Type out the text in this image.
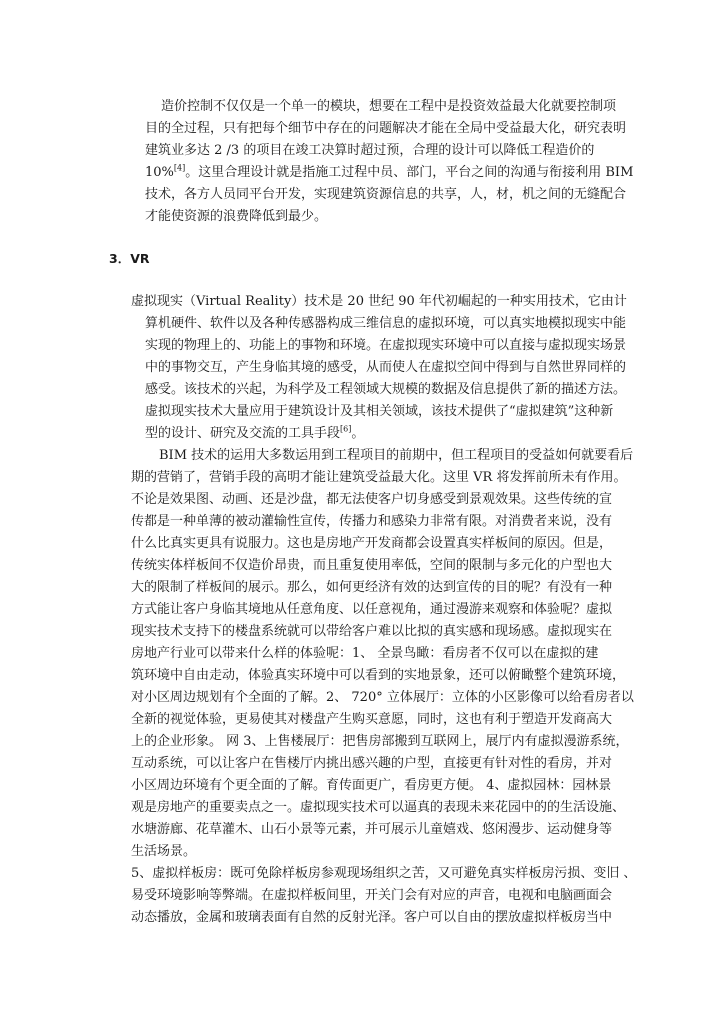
造价控制不仅仅是一个单一的模块，想要在工程中是投资效益最大化就要控制项
目的全过程，只有把每个细节中存在的问题解决才能在全局中受益最大化，研究表明
建筑业多达 2 /3 的项目在竣工决算时超过预，合理的设计可以降低工程造价的
10%[4]。这里合理设计就是指施工过程中员、部门，平台之间的沟通与衔接利用 BIM
技术，各方人员同平台开发，实现建筑资源信息的共享，人，材，机之间的无缝配合
才能使资源的浪费降低到最少。
3．VR
虚拟现实（Virtual Reality）技术是 20 世纪 90 年代初崛起的一种实用技术，它由计
算机硬件、软件以及各种传感器构成三维信息的虚拟环境，可以真实地模拟现实中能
实现的物理上的、功能上的事物和环境。在虚拟现实环境中可以直接与虚拟现实场景
中的事物交互，产生身临其境的感受，从而使人在虚拟空间中得到与自然世界同样的
感受。该技术的兴起，为科学及工程领域大规模的数据及信息提供了新的描述方法。
虚拟现实技术大量应用于建筑设计及其相关领域，该技术提供了“虚拟建筑”这种新
型的设计、研究及交流的工具手段[6]。
BIM 技术的运用大多数运用到工程项目的前期中，但工程项目的受益如何就要看后
期的营销了，营销手段的高明才能让建筑受益最大化。这里 VR 将发挥前所未有作用。
不论是效果图、动画、还是沙盘，都无法使客户切身感受到景观效果。这些传统的宣
传都是一种单薄的被动灌输性宣传，传播力和感染力非常有限。对消费者来说，没有
什么比真实更具有说服力。这也是房地产开发商都会设置真实样板间的原因。但是，
传统实体样板间不仅造价昂贵，而且重复使用率低，空间的限制与多元化的户型也大
大的限制了样板间的展示。那么，如何更经济有效的达到宣传的目的呢？有没有一种
方式能让客户身临其境地从任意角度、以任意视角，通过漫游来观察和体验呢？虚拟
现实技术支持下的楼盘系统就可以带给客户难以比拟的真实感和现场感。虚拟现实在
房地产行业可以带来什么样的体验呢：1、 全景鸟瞰：看房者不仅可以在虚拟的建
筑环境中自由走动，体验真实环境中可以看到的实地景象，还可以俯瞰整个建筑环境，
对小区周边规划有个全面的了解。2、 720° 立体展厅：立体的小区影像可以给看房者以
全新的视觉体验，更易使其对楼盘产生购买意愿，同时，这也有利于塑造开发商高大
上的企业形象。 网 3、上售楼展厅：把售房部搬到互联网上，展厅内有虚拟漫游系统，
互动系统，可以让客户在售楼厅内挑出感兴趣的户型，直接更有针对性的看房，并对
小区周边环境有个更全面的了解。育传面更广，看房更方便。 4、虚拟园林：园林景
观是房地产的重要卖点之一。虚拟现实技术可以逼真的表现未来花园中的的生活设施、
水塘游廊、花草灌木、山石小景等元素，并可展示儿童嬉戏、悠闲漫步、运动健身等
生活场景。
5、虚拟样板房：既可免除样板房参观现场组织之苦，又可避免真实样板房污损、变旧 、
易受环境影响等弊端。在虚拟样板间里，开关门会有对应的声音，电视和电脑画面会
动态播放，金属和玻璃表面有自然的反射光泽。客户可以自由的摆放虚拟样板房当中
